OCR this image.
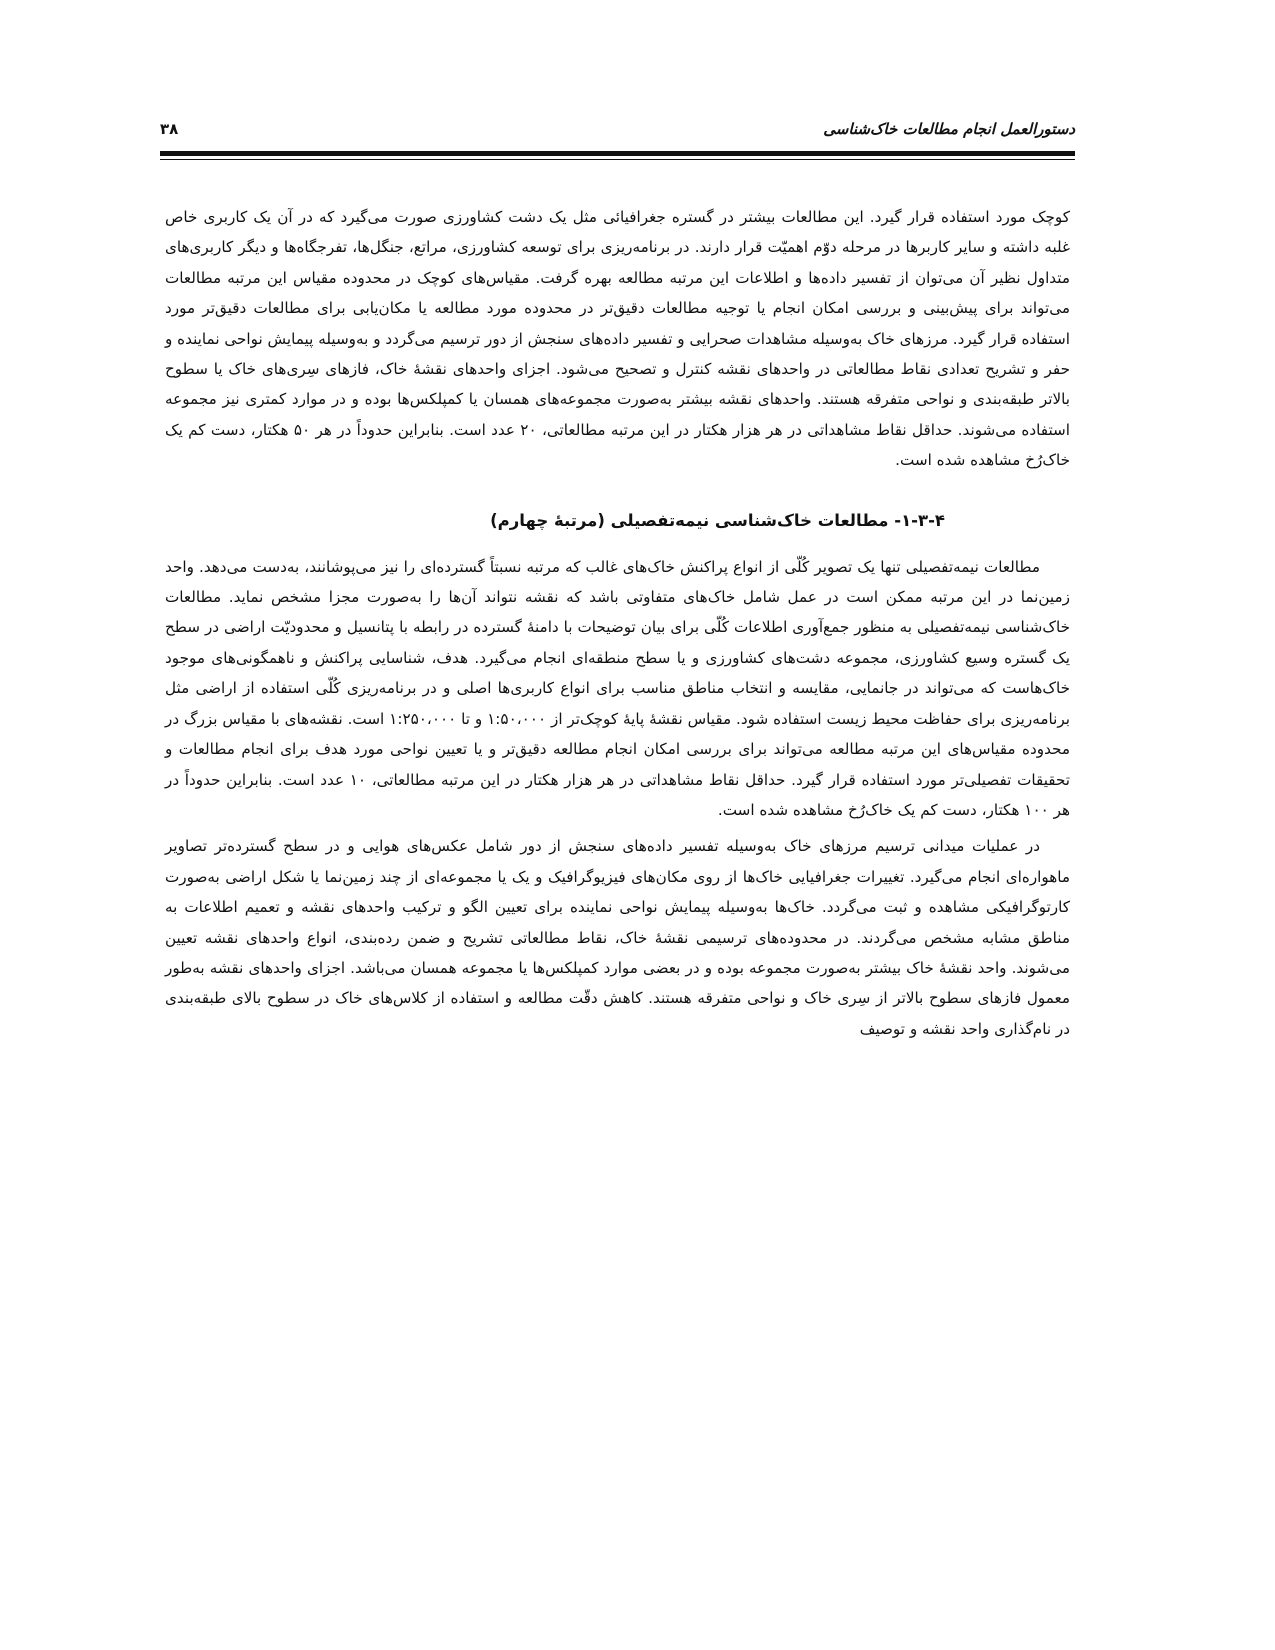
دستورالعمل انجام مطالعات خاک‌شناسی
۳۸

کوچک مورد استفاده قرار گیرد. این مطالعات بیشتر در گستره جغرافیائی مثل یک دشت کشاورزی صورت می‌گیرد که در آن یک کاربری خاص غلبه داشته و سایر کاربرها در مرحله دوّم اهمیّت قرار دارند. در برنامه‌ریزی برای توسعه کشاورزی، مراتع، جنگل‌ها، تفرجگاه‌ها و دیگر کاربری‌های متداول نظیر آن می‌توان از تفسیر داده‌ها و اطلاعات این مرتبه مطالعه بهره گرفت. مقیاس‌های کوچک در محدوده مقیاس این مرتبه مطالعات می‌تواند برای پیش‌بینی و بررسی امکان انجام یا توجیه مطالعات دقیق‌تر در محدوده مورد مطالعه یا مکان‌یابی برای مطالعات دقیق‌تر مورد استفاده قرار گیرد. مرزهای خاک به‌وسیله مشاهدات صحرایی و تفسیر داده‌های سنجش از دور ترسیم می‌گردد و به‌وسیله پیمایش نواحی نماینده و حفر و تشریح تعدادی نقاط مطالعاتی در واحدهای نقشه کنترل و تصحیح می‌شود. اجزای واحدهای نقشهٔ خاک، فازهای سِری‌های خاک یا سطوح بالاتر طبقه‌بندی و نواحی متفرقه هستند. واحدهای نقشه بیشتر به‌صورت مجموعه‌های همسان یا کمپلکس‌ها بوده و در موارد کمتری نیز مجموعه استفاده می‌شوند. حداقل نقاط مشاهداتی در هر هزار هکتار در این مرتبه مطالعاتی، ۲۰ عدد است. بنابراین حدوداً در هر ۵۰ هکتار، دست کم یک خاک‌رُخ مشاهده شده است.

۱-۳-۴- مطالعات خاک‌شناسی نیمه‌تفصیلی (مرتبهٔ چهارم)

مطالعات نیمه‌تفصیلی تنها یک تصویر کُلّی از انواع پراکنش خاک‌های غالب که مرتبه نسبتاً گسترده‌ای را نیز می‌پوشانند، به‌دست می‌دهد. واحد زمین‌نما در این مرتبه ممکن است در عمل شامل خاک‌های متفاوتی باشد که نقشه نتواند آن‌ها را به‌صورت مجزا مشخص نماید. مطالعات خاک‌شناسی نیمه‌تفصیلی به منظور جمع‌آوری اطلاعات کُلّی برای بیان توضیحات با دامنهٔ گسترده در رابطه با پتانسیل و محدودیّت اراضی در سطح یک گستره وسیع کشاورزی، مجموعه دشت‌های کشاورزی و یا سطح منطقه‌ای انجام می‌گیرد. هدف، شناسایی پراکنش و ناهمگونی‌های موجود خاک‌هاست که می‌تواند در جانمایی، مقایسه و انتخاب مناطق مناسب برای انواع کاربری‌ها اصلی و در برنامه‌ریزی کُلّی استفاده از اراضی مثل برنامه‌ریزی برای حفاظت محیط زیست استفاده شود. مقیاس نقشهٔ پایهٔ کوچک‌تر از ۱:۵۰،۰۰۰ و تا ۱:۲۵۰،۰۰۰ است. نقشه‌های با مقیاس بزرگ در محدوده مقیاس‌های این مرتبه مطالعه می‌تواند برای بررسی امکان انجام مطالعه دقیق‌تر و یا تعیین نواحی مورد هدف برای انجام مطالعات و تحقیقات تفصیلی‌تر مورد استفاده قرار گیرد. حداقل نقاط مشاهداتی در هر هزار هکتار در این مرتبه مطالعاتی، ۱۰ عدد است. بنابراین حدوداً در هر ۱۰۰ هکتار، دست کم یک خاک‌رُخ مشاهده شده است.

در عملیات میدانی ترسیم مرزهای خاک به‌وسیله تفسیر داده‌های سنجش از دور شامل عکس‌های هوایی و در سطح گسترده‌تر تصاویر ماهواره‌ای انجام می‌گیرد. تغییرات جغرافیایی خاک‌ها از روی مکان‌های فیزیوگرافیک و یک یا مجموعه‌ای از چند زمین‌نما یا شکل اراضی به‌صورت کارتوگرافیکی مشاهده و ثبت می‌گردد. خاک‌ها به‌وسیله پیمایش نواحی نماینده برای تعیین الگو و ترکیب واحدهای نقشه و تعمیم اطلاعات به مناطق مشابه مشخص می‌گردند. در محدوده‌های ترسیمی نقشهٔ خاک، نقاط مطالعاتی تشریح و ضمن رده‌بندی، انواع واحدهای نقشه تعیین می‌شوند. واحد نقشهٔ خاک بیشتر به‌صورت مجموعه بوده و در بعضی موارد کمپلکس‌ها یا مجموعه همسان می‌باشد. اجزای واحدهای نقشه به‌طور معمول فازهای سطوح بالاتر از سِری خاک و نواحی متفرقه هستند. کاهش دقّت مطالعه و استفاده از کلاس‌های خاک در سطوح بالای طبقه‌بندی در نام‌گذاری واحد نقشه و توصیف
